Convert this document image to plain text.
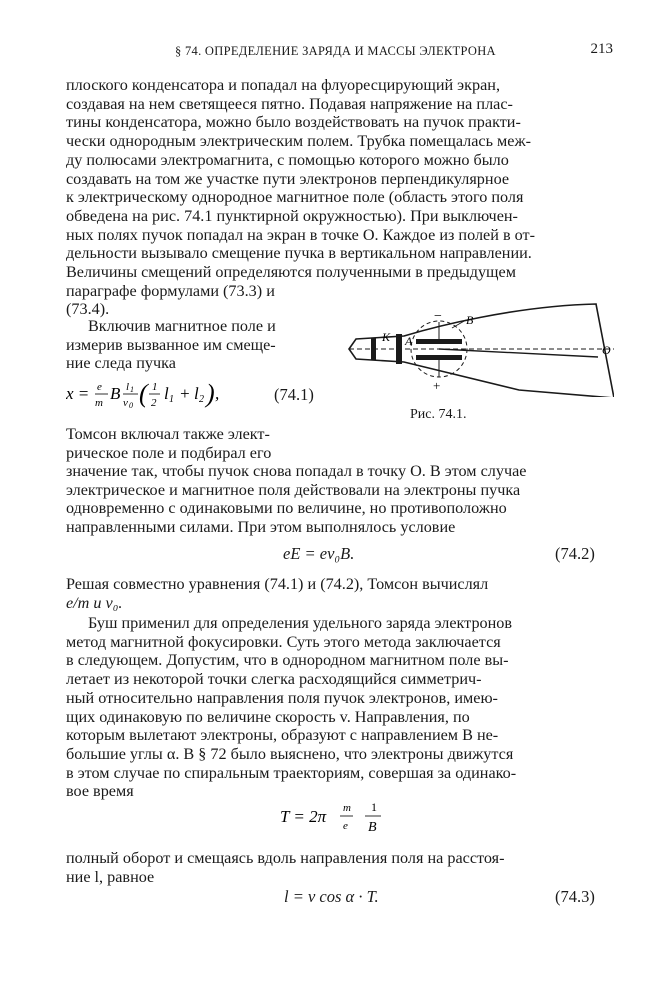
§ 74. ОПРЕДЕЛЕНИЕ ЗАРЯДА И МАССЫ ЭЛЕКТРОНА	213
плоского конденсатора и попадал на флуоресцирующий экран,
создавая на нем светящееся пятно. Подавая напряжение на плас-
тины конденсатора, можно было воздействовать на пучок практи-
чески однородным электрическим полем. Трубка помещалась меж-
ду полюсами электромагнита, с помощью которого можно было
создавать на том же участке пути электронов перпендикулярное
к электрическому однородное магнитное поле (область этого поля
обведена на рис. 74.1 пунктирной окружностью). При выключен-
ных полях пучок попадал на экран в точке О. Каждое из полей в от-
дельности вызывало смещение пучка в вертикальном направлении.
Величины смещений определяются полученными в предыдущем
параграфе формулами (73.3) и
(73.4).
Включив магнитное поле и
измерив вызванное им смеще-
ние следа пучка
x = e
m B l 1
v 0 ( 1
2 l 1 + l 2 ) ,	(74.1)
Томсон включал также элект-
рическое поле и подбирал его
значение так, чтобы пучок снова попадал в точку О. В этом случае
электрическое и магнитное поля действовали на электроны пучка
одновременно с одинаковыми по величине, но противоположно
направленными силами. При этом выполнялось условие
eE = ev₀B.	(74.2)
Решая совместно уравнения (74.1) и (74.2), Томсон вычислял
e/m и v₀.
Буш применил для определения удельного заряда электронов
метод магнитной фокусировки. Суть этого метода заключается
в следующем. Допустим, что в однородном магнитном поле вы-
летает из некоторой точки слегка расходящийся симметрич-
ный относительно направления поля пучок электронов, имею-
щих одинаковую по величине скорость v. Направления, по
которым вылетают электроны, образуют с направлением B не-
большие углы α. В § 72 было выяснено, что электроны движутся
в этом случае по спиральным траекториям, совершая за одинако-
вое время
T = 2π m
e
1
B
полный оборот и смещаясь вдоль направления поля на расстоя-
ние l, равное
l = v cos α · T.	(74.3)
K A
B
O
−
+
Рис. 74.1.
